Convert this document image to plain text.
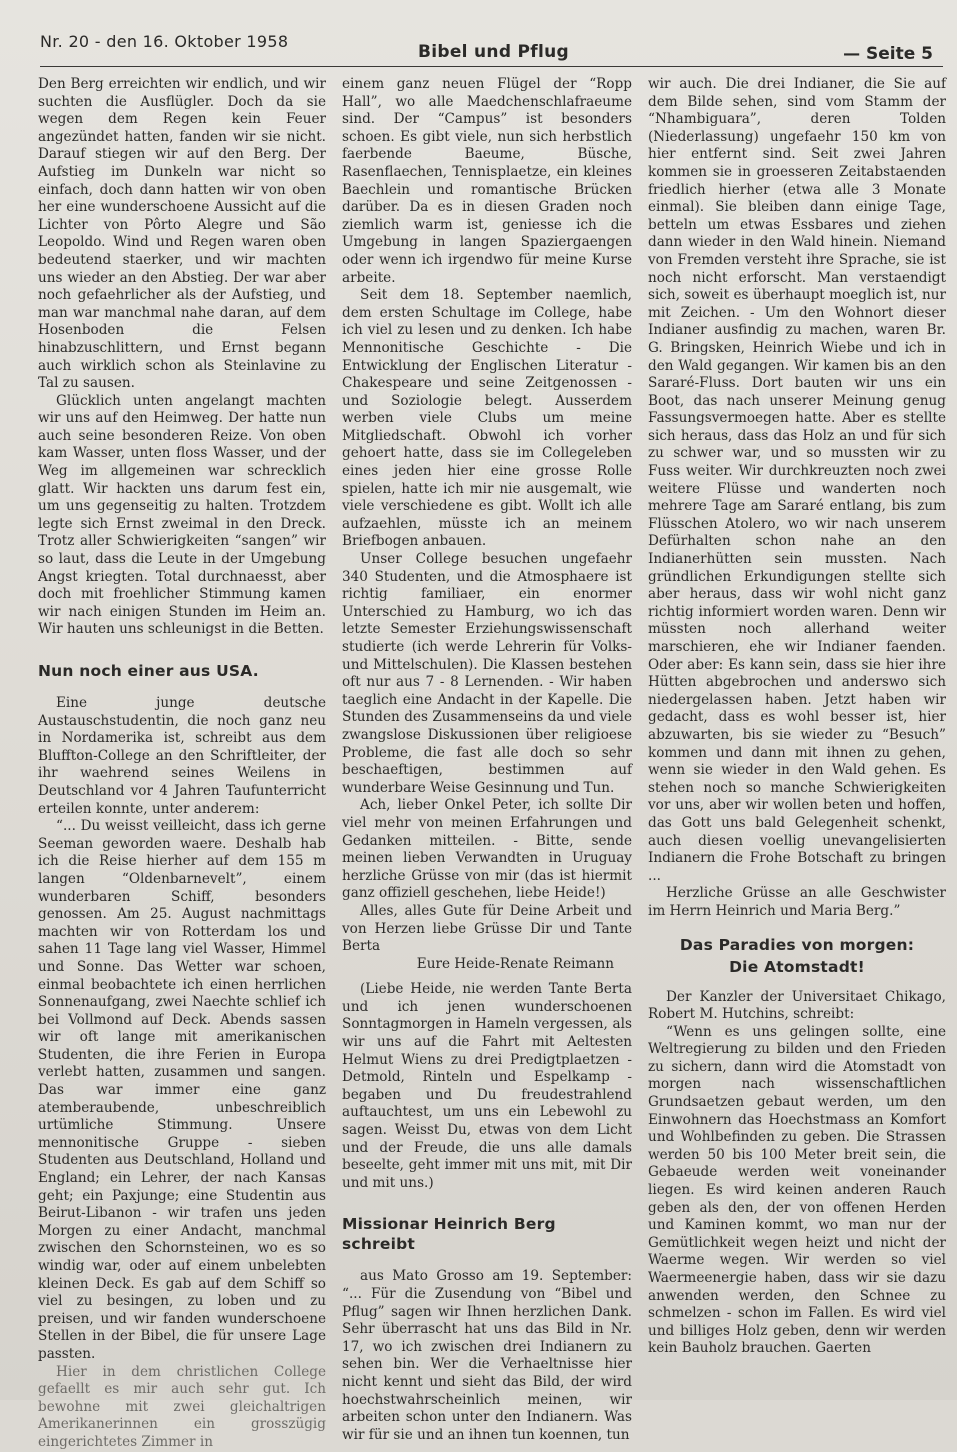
Nr. 20 - den 16. Oktober 1958
Bibel und Pflug	— Seite 5

Den Berg erreichten wir endlich, und wir suchten die Ausflügler. Doch da sie wegen dem Regen kein Feuer angezündet hatten, fanden wir sie nicht. Darauf stiegen wir auf den Berg. Der Aufstieg im Dunkeln war nicht so einfach, doch dann hatten wir von oben her eine wunderschoene Aussicht auf die Lichter von Pôrto Alegre und São Leopoldo. Wind und Regen waren oben bedeutend staerker, und wir machten uns wieder an den Abstieg. Der war aber noch gefaehrlicher als der Aufstieg, und man war manchmal nahe daran, auf dem Hosenboden die Felsen hinabzuschlittern, und Ernst begann auch wirklich schon als Steinlavine zu Tal zu sausen.

Glücklich unten angelangt machten wir uns auf den Heimweg. Der hatte nun auch seine besonderen Reize. Von oben kam Wasser, unten floss Wasser, und der Weg im allgemeinen war schrecklich glatt. Wir hackten uns darum fest ein, um uns gegenseitig zu halten. Trotzdem legte sich Ernst zweimal in den Dreck. Trotz aller Schwierigkeiten “sangen” wir so laut, dass die Leute in der Umgebung Angst kriegten. Total durchnaesst, aber doch mit froehlicher Stimmung kamen wir nach einigen Stunden im Heim an. Wir hauten uns schleunigst in die Betten.

Nun noch einer aus USA.

Eine junge deutsche Austauschstudentin, die noch ganz neu in Nordamerika ist, schreibt aus dem Bluffton-College an den Schriftleiter, der ihr waehrend seines Weilens in Deutschland vor 4 Jahren Taufunterricht erteilen konnte, unter anderem:

“... Du weisst veilleicht, dass ich gerne Seeman geworden waere. Deshalb hab ich die Reise hierher auf dem 155 m langen “Oldenbarnevelt”, einem wunderbaren Schiff, besonders genossen. Am 25. August nachmittags machten wir von Rotterdam los und sahen 11 Tage lang viel Wasser, Himmel und Sonne. Das Wetter war schoen, einmal beobachtete ich einen herrlichen Sonnenaufgang, zwei Naechte schlief ich bei Vollmond auf Deck. Abends sassen wir oft lange mit amerikanischen Studenten, die ihre Ferien in Europa verlebt hatten, zusammen und sangen. Das war immer eine ganz atemberaubende, unbeschreiblich urtümliche Stimmung. Unsere mennonitische Gruppe - sieben Studenten aus Deutschland, Holland und England; ein Lehrer, der nach Kansas geht; ein Paxjunge; eine Studentin aus Beirut-Libanon - wir trafen uns jeden Morgen zu einer Andacht, manchmal zwischen den Schornsteinen, wo es so windig war, oder auf einem unbelebten kleinen Deck. Es gab auf dem Schiff so viel zu besingen, zu loben und zu preisen, und wir fanden wunderschoene Stellen in der Bibel, die für unsere Lage passten.

Hier in dem christlichen College gefaellt es mir auch sehr gut. Ich bewohne mit zwei gleichaltrigen Amerikanerinnen ein grosszügig eingerichtetes Zimmer in

einem ganz neuen Flügel der “Ropp Hall”, wo alle Maedchenschlafraeume sind. Der “Campus” ist besonders schoen. Es gibt viele, nun sich herbstlich faerbende Baeume, Büsche, Rasenflaechen, Tennisplaetze, ein kleines Baechlein und romantische Brücken darüber. Da es in diesen Graden noch ziemlich warm ist, geniesse ich die Umgebung in langen Spaziergaengen oder wenn ich irgendwo für meine Kurse arbeite.

Seit dem 18. September naemlich, dem ersten Schultage im College, habe ich viel zu lesen und zu denken. Ich habe Mennonitische Geschichte - Die Entwicklung der Englischen Literatur - Chakespeare und seine Zeitgenossen - und Soziologie belegt. Ausserdem werben viele Clubs um meine Mitgliedschaft. Obwohl ich vorher gehoert hatte, dass sie im Collegeleben eines jeden hier eine grosse Rolle spielen, hatte ich mir nie ausgemalt, wie viele verschiedene es gibt. Wollt ich alle aufzaehlen, müsste ich an meinem Briefbogen anbauen.

Unser College besuchen ungefaehr 340 Studenten, und die Atmosphaere ist richtig familiaer, ein enormer Unterschied zu Hamburg, wo ich das letzte Semester Erziehungswissenschaft studierte (ich werde Lehrerin für Volks- und Mittelschulen). Die Klassen bestehen oft nur aus 7 - 8 Lernenden. - Wir haben taeglich eine Andacht in der Kapelle. Die Stunden des Zusammenseins da und viele zwangslose Diskussionen über religioese Probleme, die fast alle doch so sehr beschaeftigen, bestimmen auf wunderbare Weise Gesinnung und Tun.

Ach, lieber Onkel Peter, ich sollte Dir viel mehr von meinen Erfahrungen und Gedanken mitteilen. - Bitte, sende meinen lieben Verwandten in Uruguay herzliche Grüsse von mir (das ist hiermit ganz offiziell geschehen, liebe Heide!)

Alles, alles Gute für Deine Arbeit und von Herzen liebe Grüsse Dir und Tante Berta

Eure Heide-Renate Reimann

(Liebe Heide, nie werden Tante Berta und ich jenen wunderschoenen Sonntagmorgen in Hameln vergessen, als wir uns auf die Fahrt mit Aeltesten Helmut Wiens zu drei Predigtplaetzen - Detmold, Rinteln und Espelkamp - begaben und Du freudestrahlend auftauchtest, um uns ein Lebewohl zu sagen. Weisst Du, etwas von dem Licht und der Freude, die uns alle damals beseelte, geht immer mit uns mit, mit Dir und mit uns.)

Missionar Heinrich Berg schreibt

aus Mato Grosso am 19. September: “... Für die Zusendung von “Bibel und Pflug” sagen wir Ihnen herzlichen Dank. Sehr überrascht hat uns das Bild in Nr. 17, wo ich zwischen drei Indianern zu sehen bin. Wer die Verhaeltnisse hier nicht kennt und sieht das Bild, der wird hoechstwahrscheinlich meinen, wir arbeiten schon unter den Indianern. Was wir für sie und an ihnen tun koennen, tun

wir auch. Die drei Indianer, die Sie auf dem Bilde sehen, sind vom Stamm der “Nhambiguara”, deren Tolden (Niederlassung) ungefaehr 150 km von hier entfernt sind. Seit zwei Jahren kommen sie in groesseren Zeitabstaenden friedlich hierher (etwa alle 3 Monate einmal). Sie bleiben dann einige Tage, betteln um etwas Essbares und ziehen dann wieder in den Wald hinein. Niemand von Fremden versteht ihre Sprache, sie ist noch nicht erforscht. Man verstaendigt sich, soweit es überhaupt moeglich ist, nur mit Zeichen. - Um den Wohnort dieser Indianer ausfindig zu machen, waren Br. G. Bringsken, Heinrich Wiebe und ich in den Wald gegangen. Wir kamen bis an den Sararé-Fluss. Dort bauten wir uns ein Boot, das nach unserer Meinung genug Fassungsvermoegen hatte. Aber es stellte sich heraus, dass das Holz an und für sich zu schwer war, und so mussten wir zu Fuss weiter. Wir durchkreuzten noch zwei weitere Flüsse und wanderten noch mehrere Tage am Sararé entlang, bis zum Flüsschen Atolero, wo wir nach unserem Defürhalten schon nahe an den Indianerhütten sein mussten. Nach gründlichen Erkundigungen stellte sich aber heraus, dass wir wohl nicht ganz richtig informiert worden waren. Denn wir müssten noch allerhand weiter marschieren, ehe wir Indianer faenden. Oder aber: Es kann sein, dass sie hier ihre Hütten abgebrochen und anderswo sich niedergelassen haben. Jetzt haben wir gedacht, dass es wohl besser ist, hier abzuwarten, bis sie wieder zu “Besuch” kommen und dann mit ihnen zu gehen, wenn sie wieder in den Wald gehen. Es stehen noch so manche Schwierigkeiten vor uns, aber wir wollen beten und hoffen, das Gott uns bald Gelegenheit schenkt, auch diesen voellig unevangelisierten Indianern die Frohe Botschaft zu bringen ...

Herzliche Grüsse an alle Geschwister im Herrn Heinrich und Maria Berg.”

Das Paradies von morgen:
Die Atomstadt!

Der Kanzler der Universitaet Chikago, Robert M. Hutchins, schreibt:

“Wenn es uns gelingen sollte, eine Weltregierung zu bilden und den Frieden zu sichern, dann wird die Atomstadt von morgen nach wissenschaftlichen Grundsaetzen gebaut werden, um den Einwohnern das Hoechstmass an Komfort und Wohlbefinden zu geben. Die Strassen werden 50 bis 100 Meter breit sein, die Gebaeude werden weit voneinander liegen. Es wird keinen anderen Rauch geben als den, der von offenen Herden und Kaminen kommt, wo man nur der Gemütlichkeit wegen heizt und nicht der Waerme wegen. Wir werden so viel Waermeenergie haben, dass wir sie dazu anwenden werden, den Schnee zu schmelzen - schon im Fallen. Es wird viel und billiges Holz geben, denn wir werden kein Bauholz brauchen. Gaerten
